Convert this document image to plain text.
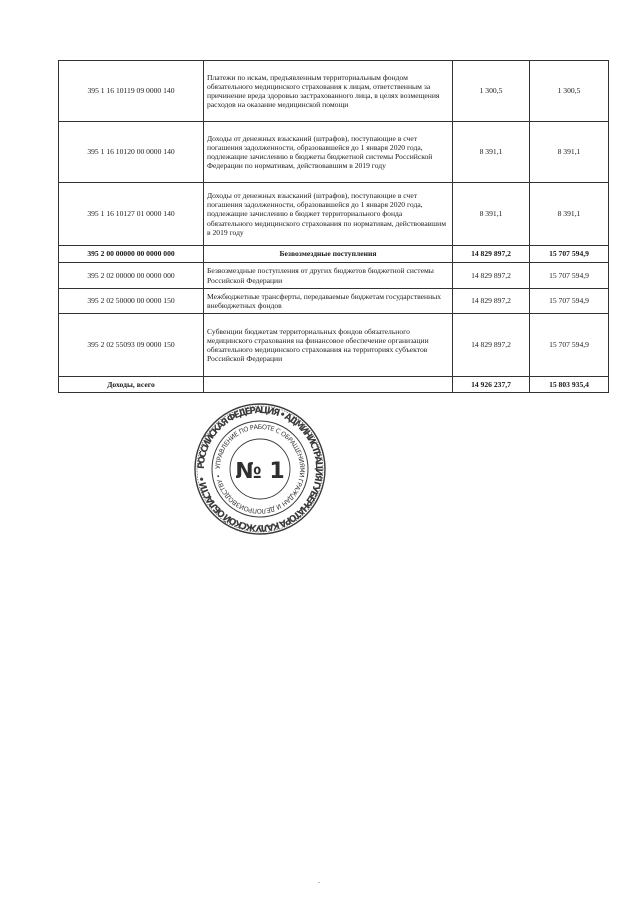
395 1 16 10119 09 0000 140	Платежи по искам, предъявленным территориальным фондом обязательного медицинского страхования к лицам, ответственным за причинение вреда здоровью застрахованного лица, в целях возмещения расходов на оказание медицинской помощи	1 300,5	1 300,5
395 1 16 10120 00 0000 140	Доходы от денежных взысканий (штрафов), поступающие в счет погашения задолженности, образовавшейся до 1 января 2020 года, подлежащие зачислению в бюджеты бюджетной системы Российской Федерации по нормативам, действовавшим в 2019 году	8 391,1	8 391,1
395 1 16 10127 01 0000 140	Доходы от денежных взысканий (штрафов), поступающие в счет погашения задолженности, образовавшейся до 1 января 2020 года, подлежащие зачислению в бюджет территориального фонда обязательного медицинского страхования по нормативам, действовавшим в 2019 году	8 391,1	8 391,1
395 2 00 00000 00 0000 000	Безвозмездные поступления	14 829 897,2	15 707 594,9
395 2 02 00000 00 0000 000	Безвозмездные поступления от других бюджетов бюджетной системы Российской Федерации	14 829 897,2	15 707 594,9
395 2 02 50000 00 0000 150	Межбюджетные трансферты, передаваемые бюджетам государственных внебюджетных фондов	14 829 897,2	15 707 594,9
395 2 02 55093 09 0000 150	Субвенции бюджетам территориальных фондов обязательного медицинского страхования на финансовое обеспечение организации обязательного медицинского страхования на территориях субъектов Российской Федерации	14 829 897,2	15 707 594,9
Доходы, всего		14 926 237,7	15 803 935,4
РОССИЙСКАЯ ФЕДЕРАЦИЯ • АДМИНИСТРАЦИЯ ГУБЕРНАТОРА КАЛУЖСКОЙ ОБЛАСТИ •
УПРАВЛЕНИЕ ПО РАБОТЕ С ОБРАЩЕНИЯМИ ГРАЖДАН И ДЕЛОПРОИЗВОДСТВУ • № 1
-
